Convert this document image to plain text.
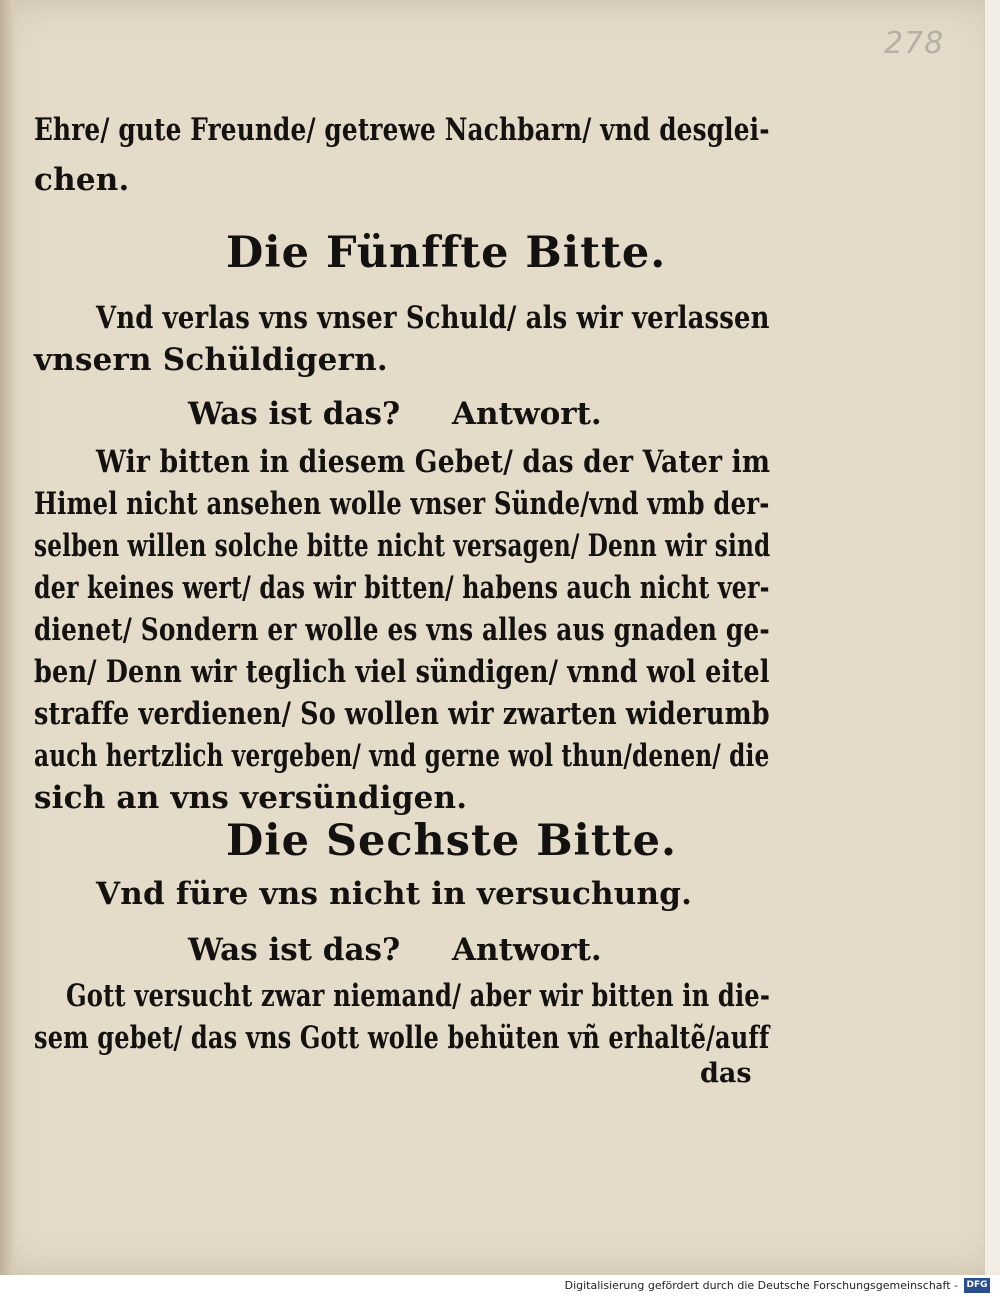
278
Ehre/ gute Freunde/ getrewe Nachbarn/ vnd desglei-
chen.
Die Fünffte Bitte.
Vnd verlas vns vnser Schuld/ als wir verlassen
vnsern Schüldigern.
Was ist das? Antwort.
Wir bitten in diesem Gebet/ das der Vater im
Himel nicht ansehen wolle vnser Sünde/vnd vmb der-
selben willen solche bitte nicht versagen/ Denn wir sind
der keines wert/ das wir bitten/ habens auch nicht ver-
dienet/ Sondern er wolle es vns alles aus gnaden ge-
ben/ Denn wir teglich viel sündigen/ vnnd wol eitel
straffe verdienen/ So wollen wir zwarten widerumb
auch hertzlich vergeben/ vnd gerne wol thun/denen/ die
sich an vns versündigen.
Die Sechste Bitte.
Vnd füre vns nicht in versuchung.
Was ist das? Antwort.
Gott versucht zwar niemand/ aber wir bitten in die-
sem gebet/ das vns Gott wolle behüten vñ erhaltẽ/auff
das
Digitalisierung gefördert durch die Deutsche Forschungsgemeinschaft - DFG
